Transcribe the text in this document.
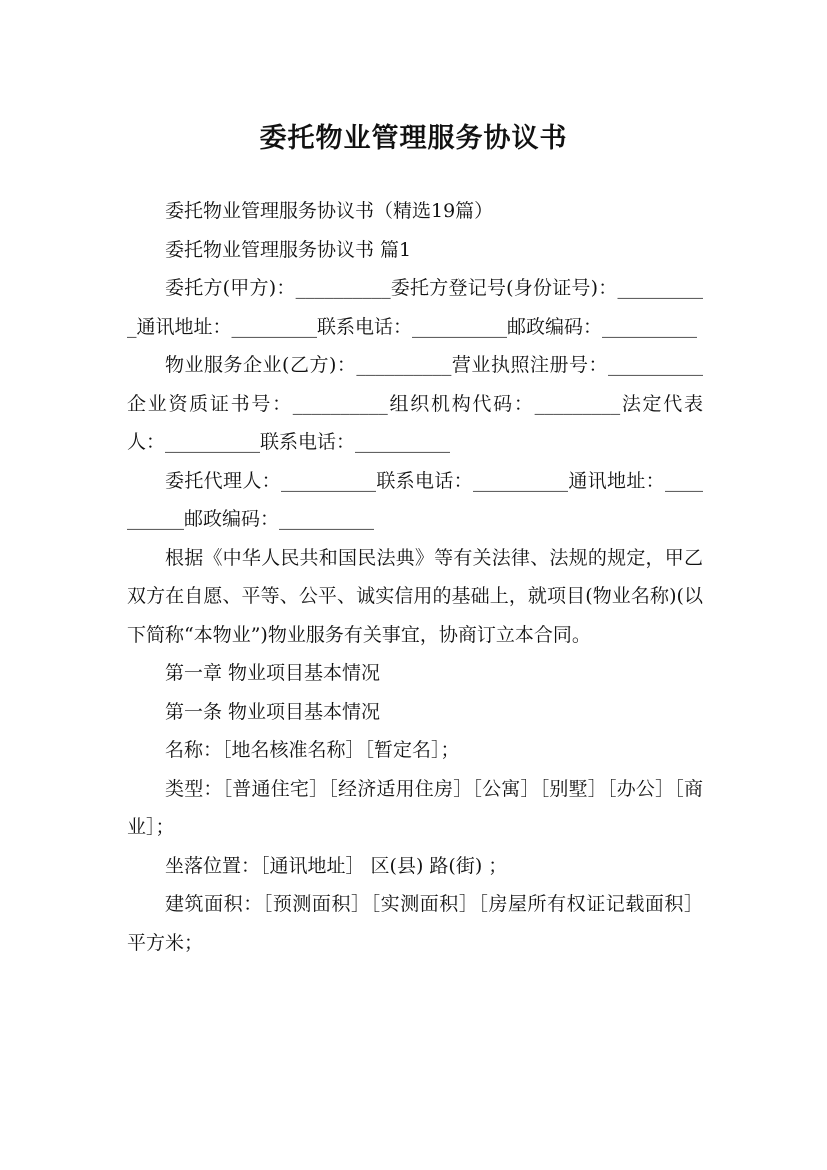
委托物业管理服务协议书

委托物业管理服务协议书（精选19篇）

委托物业管理服务协议书 篇1

委托方(甲方)：__________委托方登记号(身份证号)：__________通讯地址：_________联系电话：__________邮政编码：__________

物业服务企业(乙方)：__________营业执照注册号：__________企业资质证书号：__________组织机构代码：_________法定代表人：__________联系电话：__________

委托代理人：__________联系电话：__________通讯地址：__________邮政编码：__________

根据《中华人民共和国民法典》等有关法律、法规的规定，甲乙双方在自愿、平等、公平、诚实信用的基础上，就项目(物业名称)(以下简称“本物业”)物业服务有关事宜，协商订立本合同。

第一章 物业项目基本情况

第一条 物业项目基本情况

名称：［地名核准名称］［暂定名］；

类型：［普通住宅］［经济适用住房］［公寓］［别墅］［办公］［商业］；

坐落位置：［通讯地址］ 区(县) 路(街) ；

建筑面积：［预测面积］［实测面积］［房屋所有权证记载面积］ 平方米；
